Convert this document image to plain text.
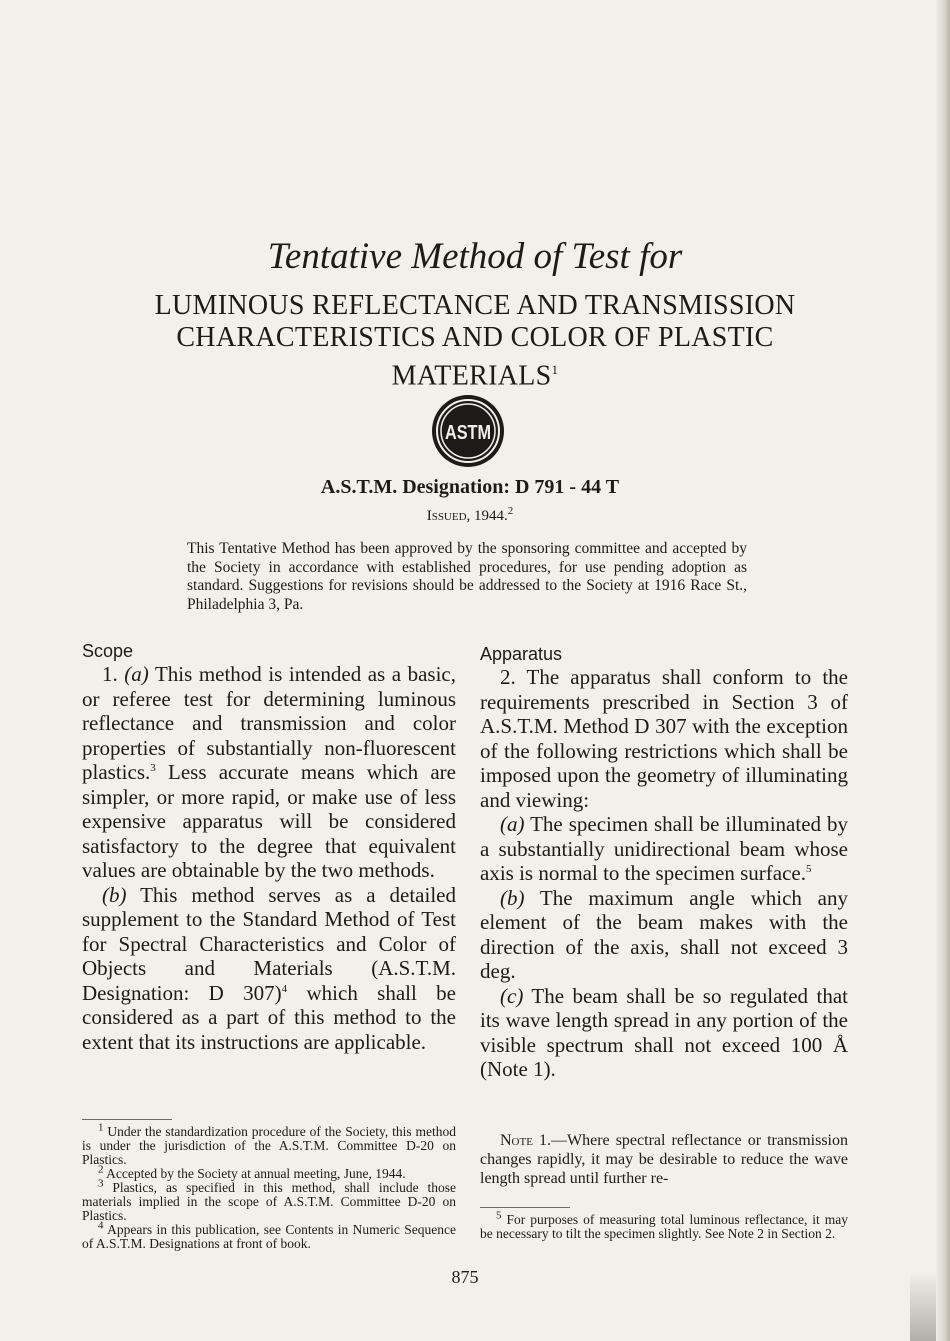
Tentative Method of Test for
LUMINOUS REFLECTANCE AND TRANSMISSION CHARACTERISTICS AND COLOR OF PLASTIC MATERIALS$^1$
ASTM
A.S.T.M. Designation: D 791 - 44 T
Issued, 1944.$^2$
This Tentative Method has been approved by the sponsoring committee and accepted by the Society in accordance with established procedures, for use pending adoption as standard. Suggestions for revisions should be addressed to the Society at 1916 Race St., Philadelphia 3, Pa.

Scope

1. (a) This method is intended as a basic, or referee test for determining luminous reflectance and transmission and color properties of substantially non-fluorescent plastics.$^3$ Less accurate means which are simpler, or more rapid, or make use of less expensive apparatus will be considered satisfactory to the degree that equivalent values are obtainable by the two methods.

(b) This method serves as a detailed supplement to the Standard Method of Test for Spectral Characteristics and Color of Objects and Materials (A.S.T.M. Designation: D 307)$^4$ which shall be considered as a part of this method to the extent that its instructions are applicable.

Apparatus

2. The apparatus shall conform to the requirements prescribed in Section 3 of A.S.T.M. Method D 307 with the exception of the following restrictions which shall be imposed upon the geometry of illuminating and viewing:

(a) The specimen shall be illuminated by a substantially unidirectional beam whose axis is normal to the specimen surface.$^5$

(b) The maximum angle which any element of the beam makes with the direction of the axis, shall not exceed 3 deg.

(c) The beam shall be so regulated that its wave length spread in any portion of the visible spectrum shall not exceed 100 Å (Note 1).

Note 1.—Where spectral reflectance or transmission changes rapidly, it may be desirable to reduce the wave length spread until further re-

$^1$ Under the standardization procedure of the Society, this method is under the jurisdiction of the A.S.T.M. Committee D-20 on Plastics.

$^2$ Accepted by the Society at annual meeting, June, 1944.

$^3$ Plastics, as specified in this method, shall include those materials implied in the scope of A.S.T.M. Committee D-20 on Plastics.

$^4$ Appears in this publication, see Contents in Numeric Sequence of A.S.T.M. Designations at front of book.

$^5$ For purposes of measuring total luminous reflectance, it may be necessary to tilt the specimen slightly. See Note 2 in Section 2.

875
